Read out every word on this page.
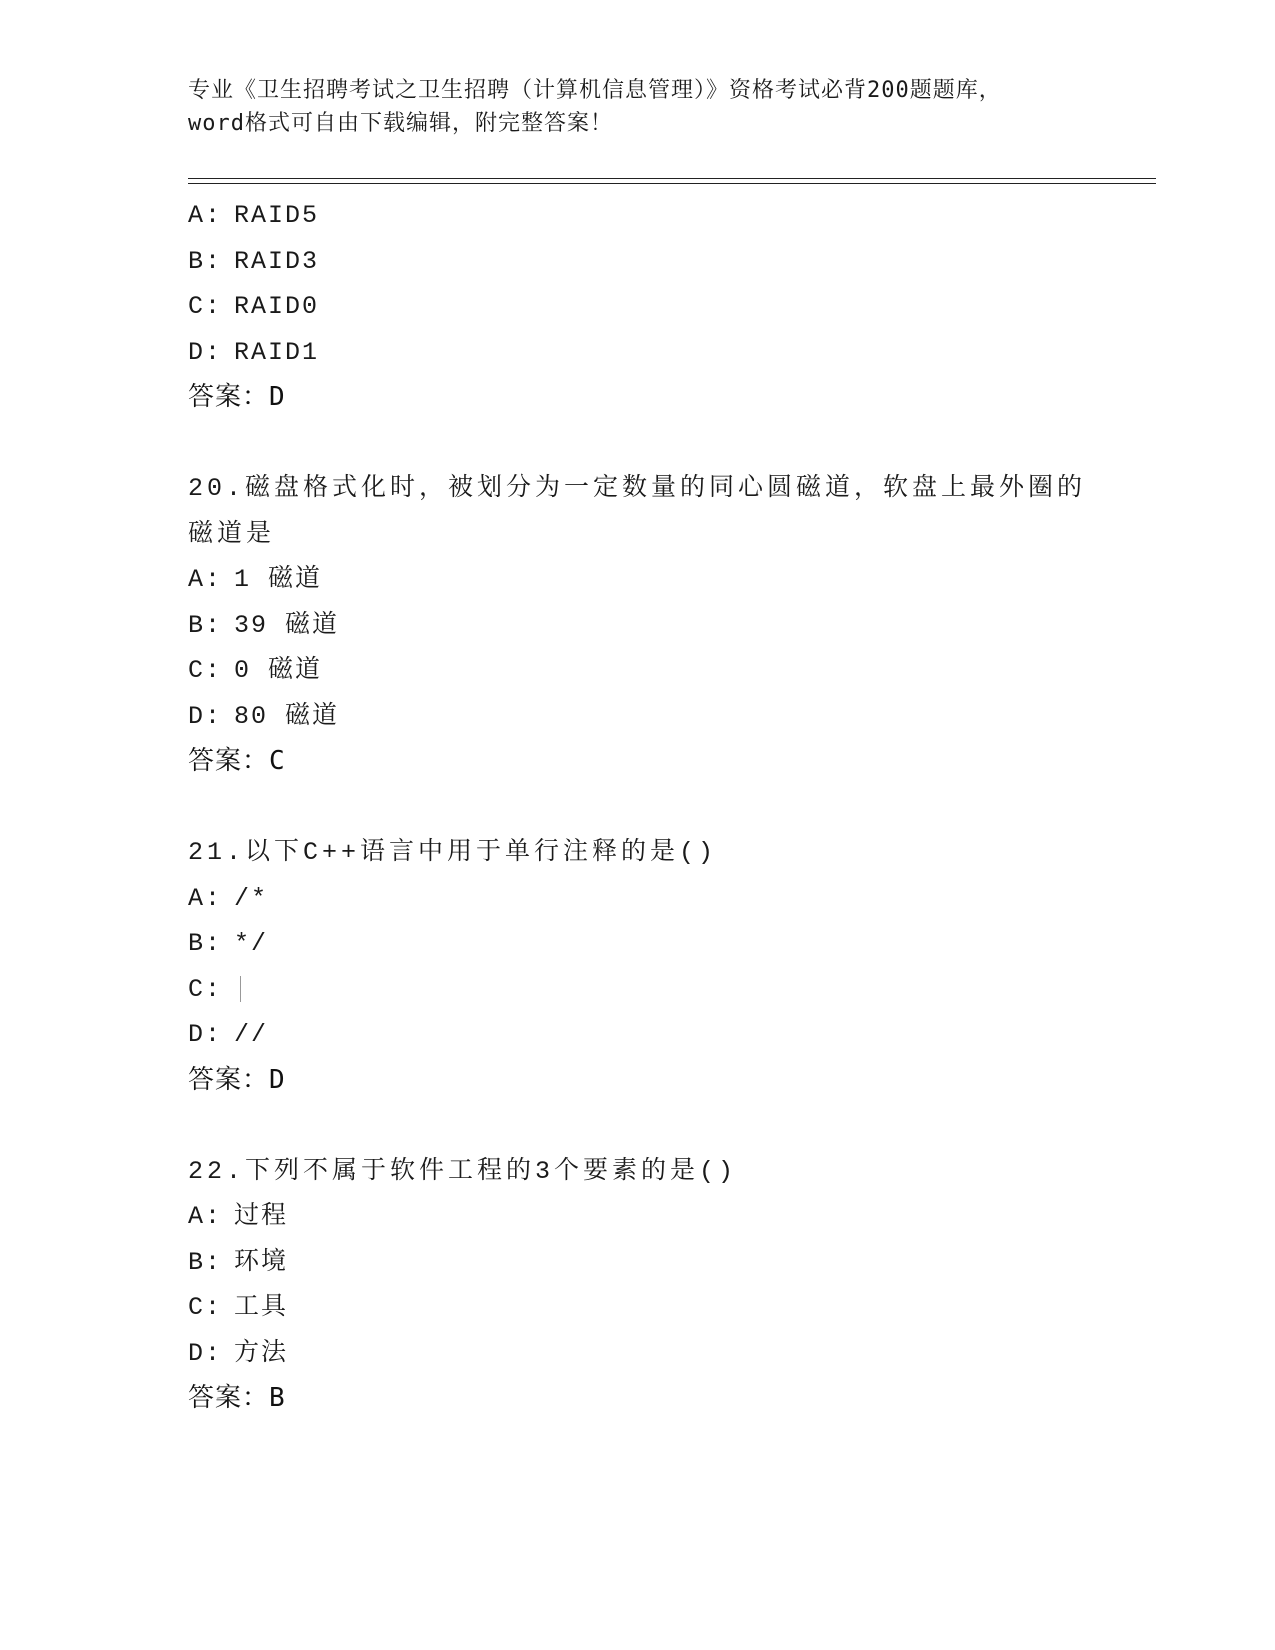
专业《卫生招聘考试之卫生招聘（计算机信息管理）》资格考试必背200题题库，
word格式可自由下载编辑，附完整答案！
A: RAID5
B: RAID3
C: RAID0
D: RAID1
答案：D
20.磁盘格式化时，被划分为一定数量的同心圆磁道，软盘上最外圈的
磁道是
A: 1 磁道
B: 39 磁道
C: 0 磁道
D: 80 磁道
答案：C
21.以下C++语言中用于单行注释的是()
A: /*
B: */
C:
D: //
答案：D
22.下列不属于软件工程的3个要素的是()
A: 过程
B: 环境
C: 工具
D: 方法
答案：B
